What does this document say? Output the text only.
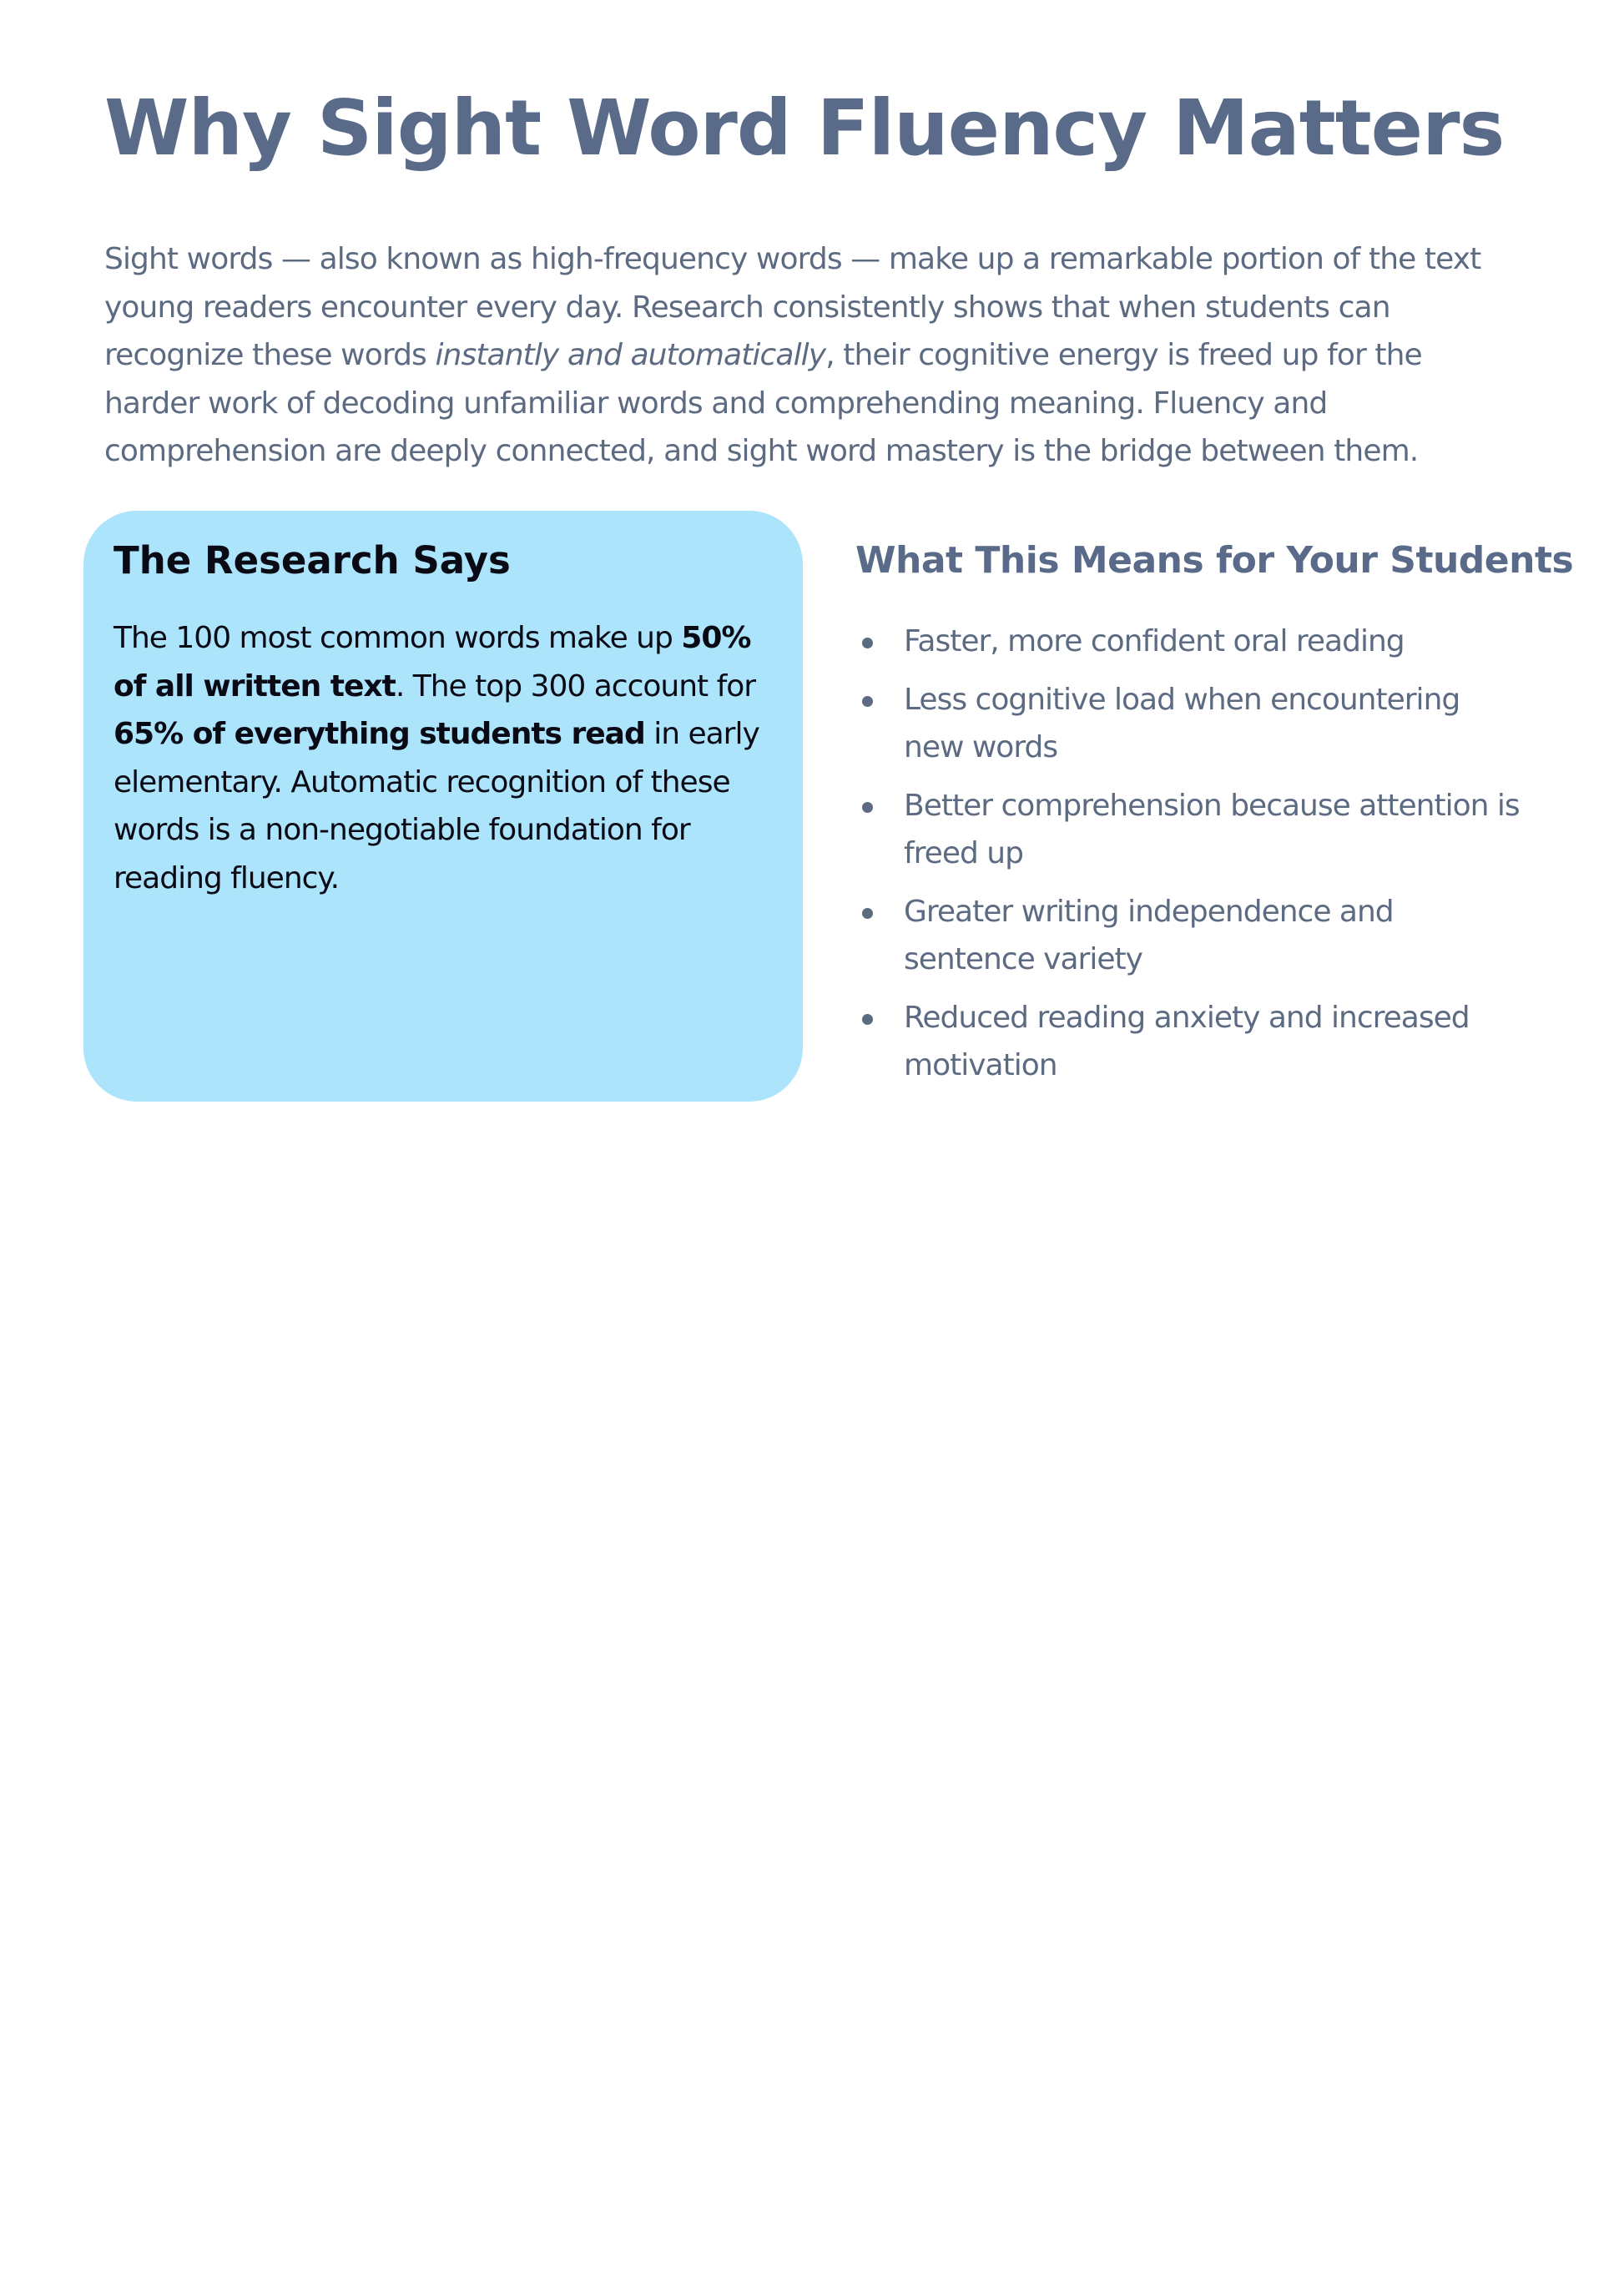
Why Sight Word Fluency Matters

Sight words — also known as high-frequency words — make up a remarkable portion of the text young readers encounter every day. Research consistently shows that when students can recognize these words instantly and automatically, their cognitive energy is freed up for the harder work of decoding unfamiliar words and comprehending meaning. Fluency and comprehension are deeply connected, and sight word mastery is the bridge between them.

The Research Says

The 100 most common words make up 50% of all written text. The top 300 account for 65% of everything students read in early elementary. Automatic recognition of these words is a non-negotiable foundation for reading fluency.

What This Means for Your Students
Faster, more confident oral reading
Less cognitive load when encountering new words
Better comprehension because attention is freed up
Greater writing independence and sentence variety
Reduced reading anxiety and increased motivation
